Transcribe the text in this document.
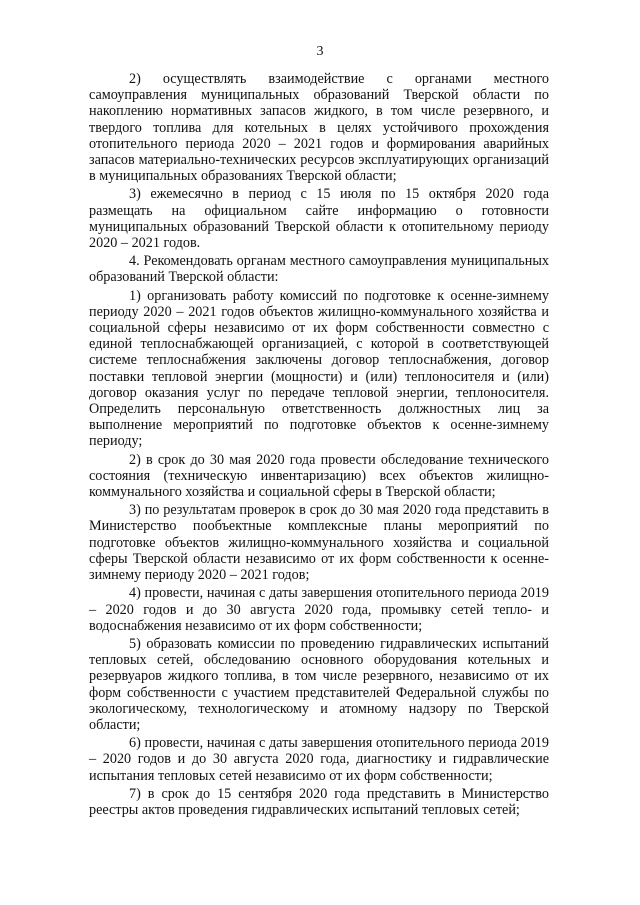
3

2) осуществлять взаимодействие с органами местного самоуправления муниципальных образований Тверской области по накоплению нормативных запасов жидкого, в том числе резервного, и твердого топлива для котельных в целях устойчивого прохождения отопительного периода 2020 – 2021 годов и формирования аварийных запасов материально-технических ресурсов эксплуатирующих организаций в муниципальных образованиях Тверской области;

3) ежемесячно в период с 15 июля по 15 октября 2020 года размещать на официальном сайте информацию о готовности муниципальных образований Тверской области к отопительному периоду 2020 – 2021 годов.

4. Рекомендовать органам местного самоуправления муниципальных образований Тверской области:

1) организовать работу комиссий по подготовке к осенне-зимнему периоду 2020 – 2021 годов объектов жилищно-коммунального хозяйства и социальной сферы независимо от их форм собственности совместно с единой теплоснабжающей организацией, с которой в соответствующей системе теплоснабжения заключены договор теплоснабжения, договор поставки тепловой энергии (мощности) и (или) теплоносителя и (или) договор оказания услуг по передаче тепловой энергии, теплоносителя. Определить персональную ответственность должностных лиц за выполнение мероприятий по подготовке объектов к осенне-зимнему периоду;

2) в срок до 30 мая 2020 года провести обследование технического состояния (техническую инвентаризацию) всех объектов жилищно-коммунального хозяйства и социальной сферы в Тверской области;

3) по результатам проверок в срок до 30 мая 2020 года представить в Министерство пообъектные комплексные планы мероприятий по подготовке объектов жилищно-коммунального хозяйства и социальной сферы Тверской области независимо от их форм собственности к осенне-зимнему периоду 2020 – 2021 годов;

4) провести, начиная с даты завершения отопительного периода 2019 – 2020 годов и до 30 августа 2020 года, промывку сетей тепло- и водоснабжения независимо от их форм собственности;

5) образовать комиссии по проведению гидравлических испытаний тепловых сетей, обследованию основного оборудования котельных и резервуаров жидкого топлива, в том числе резервного, независимо от их форм собственности с участием представителей Федеральной службы по экологическому, технологическому и атомному надзору по Тверской области;

6) провести, начиная с даты завершения отопительного периода 2019 – 2020 годов и до 30 августа 2020 года, диагностику и гидравлические испытания тепловых сетей независимо от их форм собственности;

7) в срок до 15 сентября 2020 года представить в Министерство реестры актов проведения гидравлических испытаний тепловых сетей;
